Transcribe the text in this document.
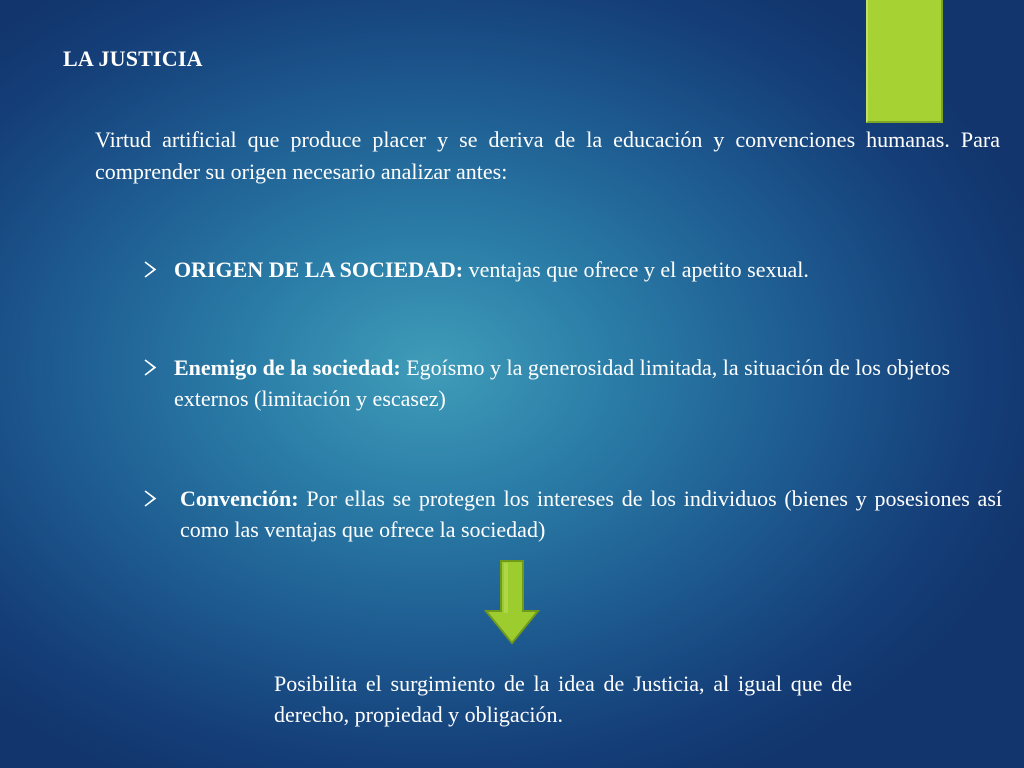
LA JUSTICIA
Virtud artificial que produce placer y se deriva de la educación y convenciones humanas. Para comprender su origen necesario analizar antes:
ORIGEN DE LA SOCIEDAD: ventajas que ofrece y el apetito sexual.
Enemigo de la sociedad: Egoísmo y la generosidad limitada, la situación de los objetos externos (limitación y escasez)
Convención: Por ellas se protegen los intereses de los individuos (bienes y posesiones así como las ventajas que ofrece la sociedad)
Posibilita el surgimiento de la idea de Justicia, al igual que de derecho, propiedad y obligación.
